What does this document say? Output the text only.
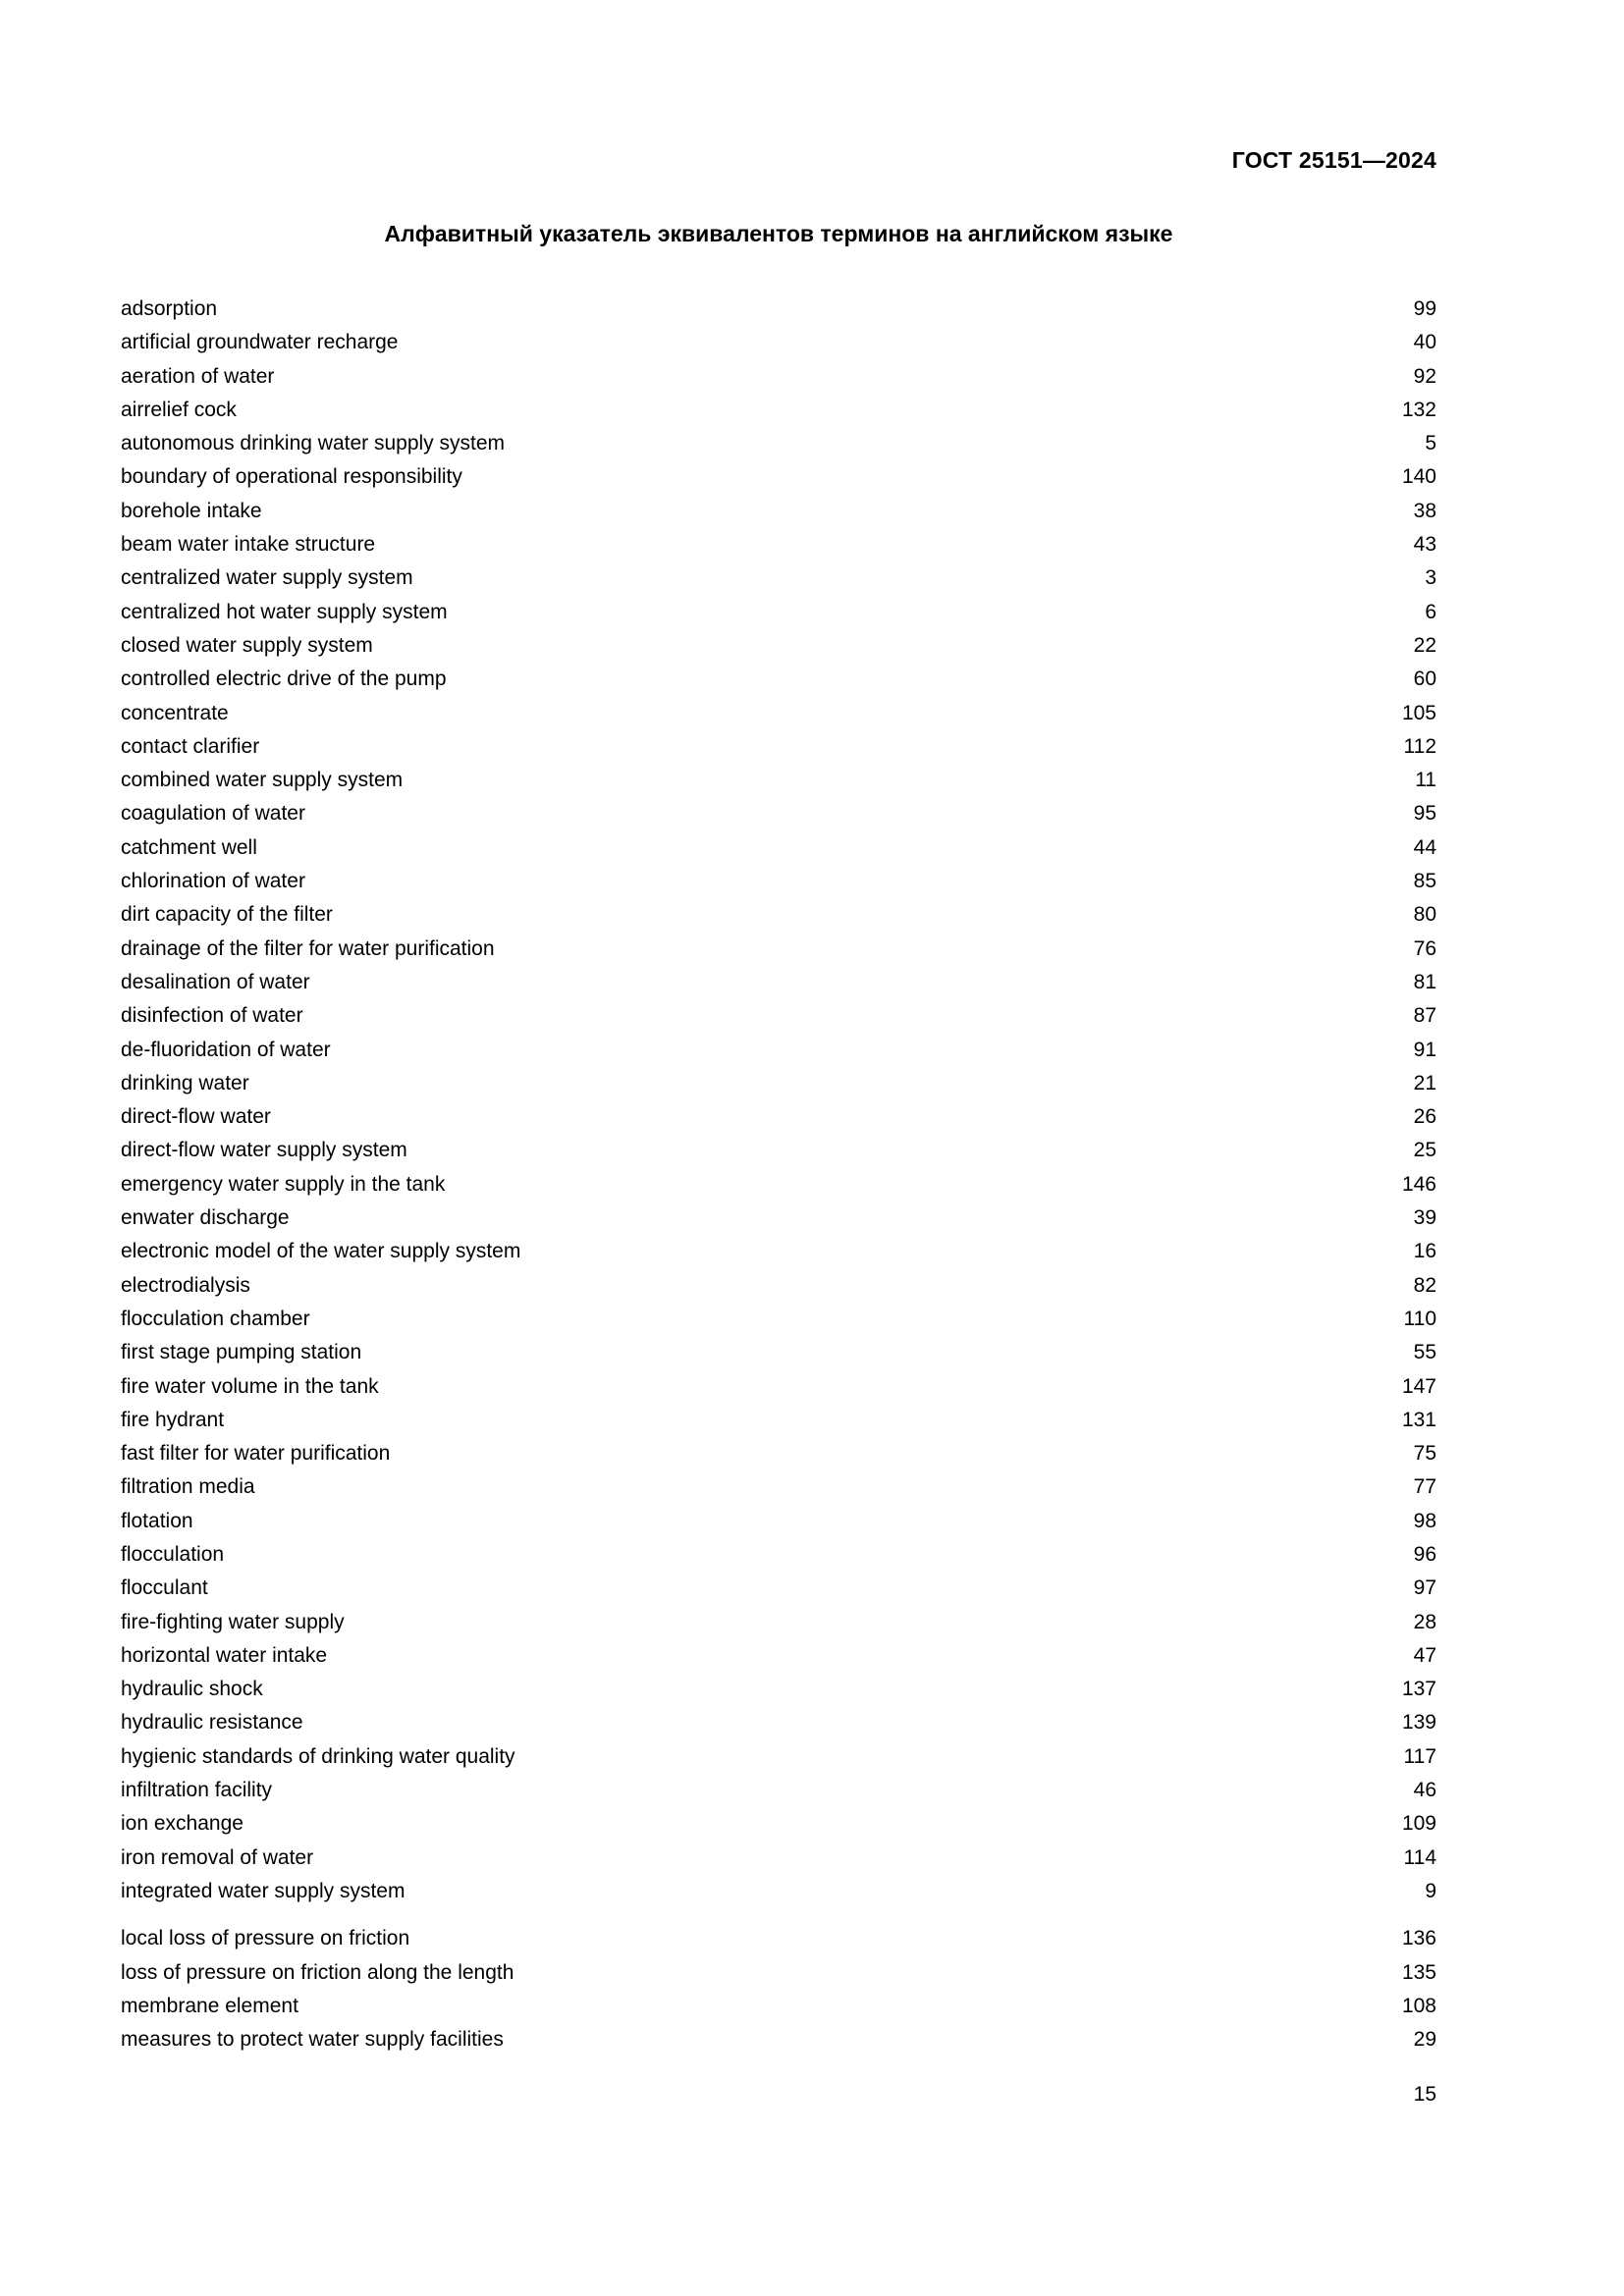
ГОСТ 25151—2024
Алфавитный указатель эквивалентов терминов на английском языке
adsorption	99
artificial groundwater recharge	40
aeration of water	92
airrelief cock	132
autonomous drinking water supply system	5
boundary of operational responsibility	140
borehole intake	38
beam water intake structure	43
centralized water supply system	3
centralized hot water supply system	6
closed water supply system	22
controlled electric drive of the pump	60
concentrate	105
contact clarifier	112
combined water supply system	11
coagulation of water	95
catchment well	44
chlorination of water	85
dirt capacity of the filter	80
drainage of the filter for water purification	76
desalination of water	81
disinfection of water	87
de-fluoridation of water	91
drinking water	21
direct-flow water	26
direct-flow water supply system	25
emergency water supply in the tank	146
enwater discharge	39
electronic model of the water supply system	16
electrodialysis	82
flocculation chamber	110
first stage pumping station	55
fire water volume in the tank	147
fire hydrant	131
fast filter for water purification	75
filtration media	77
flotation	98
flocculation	96
flocculant	97
fire-fighting water supply	28
horizontal water intake	47
hydraulic shock	137
hydraulic resistance	139
hygienic standards of drinking water quality	117
infiltration facility	46
ion exchange	109
iron removal of water	114
integrated water supply system	9
local loss of pressure on friction	136
loss of pressure on friction along the length	135
membrane element	108
measures to protect water supply facilities	29
15
